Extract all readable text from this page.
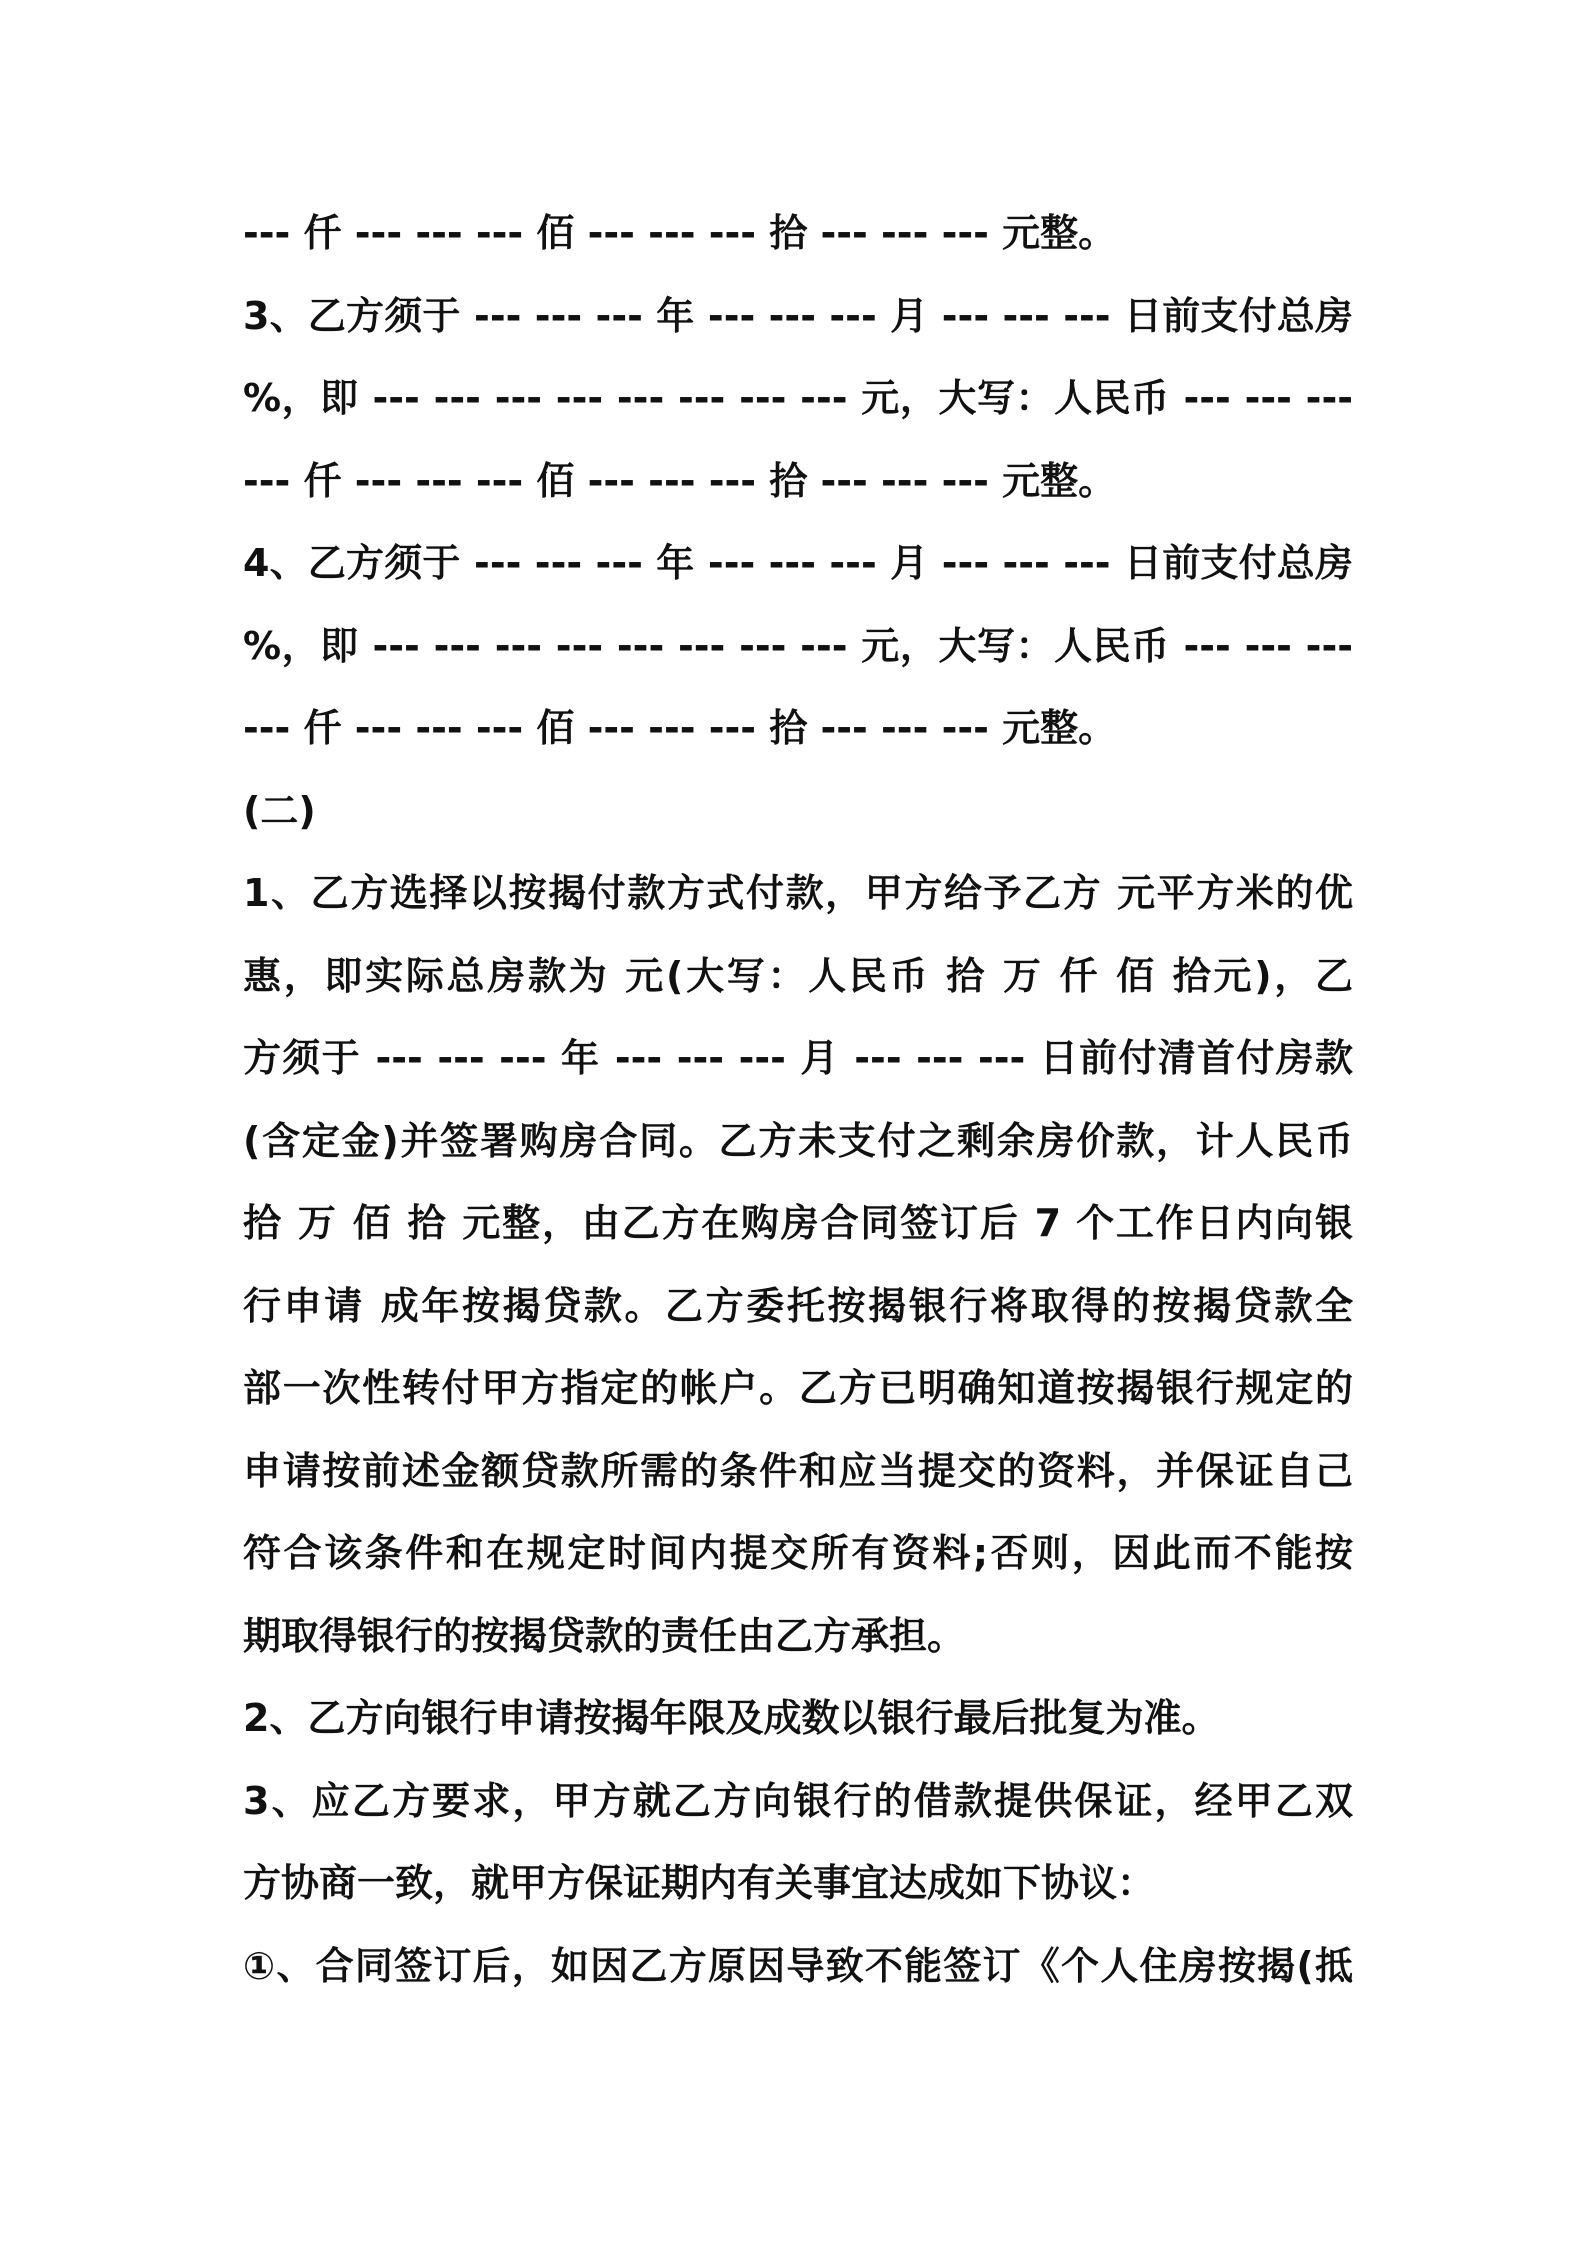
--- 仟 --- --- --- 佰 --- --- --- 拾 --- --- --- 元整。
3、乙方须于 --- --- --- 年 --- --- --- 月 --- --- --- 日前支付总房
%，即 --- --- --- --- --- --- --- --- 元，大写：人民币 --- --- ---
--- 仟 --- --- --- 佰 --- --- --- 拾 --- --- --- 元整。
4、乙方须于 --- --- --- 年 --- --- --- 月 --- --- --- 日前支付总房
%，即 --- --- --- --- --- --- --- --- 元，大写：人民币 --- --- ---
--- 仟 --- --- --- 佰 --- --- --- 拾 --- --- --- 元整。
(二)
1、乙方选择以按揭付款方式付款，甲方给予乙方 元平方米的优
惠，即实际总房款为 元(大写：人民币 拾 万 仟 佰 拾元)，乙
方须于 --- --- --- 年 --- --- --- 月 --- --- --- 日前付清首付房款
(含定金)并签署购房合同。乙方未支付之剩余房价款，计人民币
拾 万 佰 拾 元整，由乙方在购房合同签订后 7 个工作日内向银
行申请 成年按揭贷款。乙方委托按揭银行将取得的按揭贷款全
部一次性转付甲方指定的帐户。乙方已明确知道按揭银行规定的
申请按前述金额贷款所需的条件和应当提交的资料，并保证自己
符合该条件和在规定时间内提交所有资料;否则，因此而不能按
期取得银行的按揭贷款的责任由乙方承担。
2、乙方向银行申请按揭年限及成数以银行最后批复为准。
3、应乙方要求，甲方就乙方向银行的借款提供保证，经甲乙双
方协商一致，就甲方保证期内有关事宜达成如下协议：
①、合同签订后，如因乙方原因导致不能签订《个人住房按揭(抵
